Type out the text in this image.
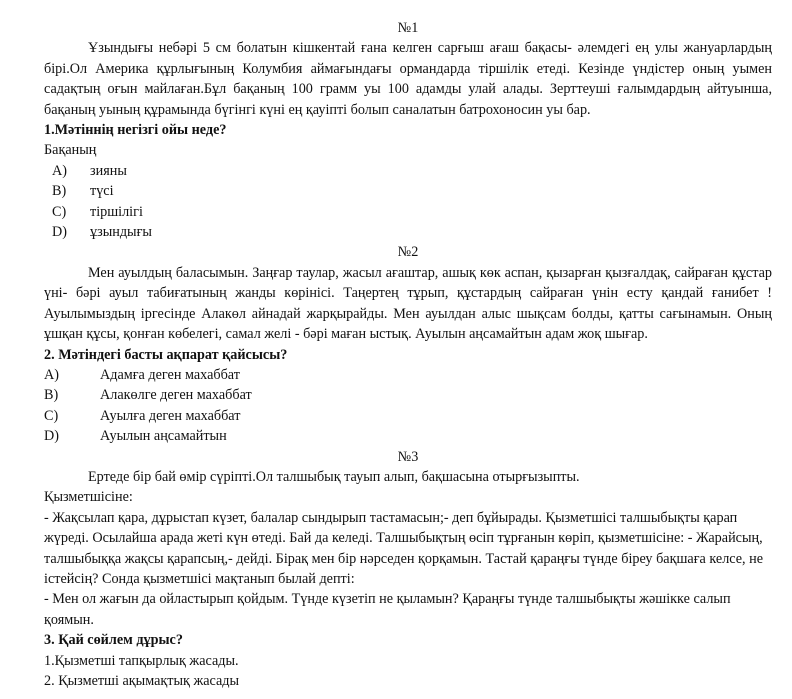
№1

Ұзындығы небәрі 5 см болатын кішкентай ғана келген сарғыш ағаш бақасы- әлемдегі ең улы жануарлардың бірі.Ол Америка құрлығының Колумбия аймағындағы ормандарда тіршілік етеді. Кезінде үндістер оның уымен садақтың оғын майлаған.Бұл бақаның 100 грамм уы 100 адамды улай алады. Зерттеуші ғалымдардың айтуынша, бақаның уының құрамында бүгінгі күні ең қауіпті болып саналатын батрохоносин уы бар.

1.Мәтіннің негізгі ойы неде?

Бақаның

A)	зияны

B)	түсі

C)	тіршілігі

D)	ұзындығы

№2

Мен ауылдың баласымын. Заңғар таулар, жасыл ағаштар, ашық көк аспан, қызарған қызғалдақ, сайраған құстар үні- бәрі ауыл табиғатының жанды көрінісі. Таңертең тұрып, құстардың сайраған үнін есту қандай ғанибет ! Ауылымыздың іргесінде Алакөл айнадай жарқырайды. Мен ауылдан алыс шықсам болды, қатты сағынамын. Оның ұшқан құсы, қонған көбелегі, самал желі - бәрі маған ыстық. Ауылын аңсамайтын адам жоқ шығар.

2. Мәтіндегі басты ақпарат қайсысы?

A)	Адамға деген махаббат

B)	Алакөлге деген махаббат

C)	Ауылға деген махаббат

D)	Ауылын аңсамайтын

№3

Ертеде бір бай өмір сүріпті.Ол талшыбық тауып алып, бақшасына отырғызыпты.

Қызметшісіне:

- Жақсылап қара, дұрыстап күзет, балалар сындырып тастамасын;- деп бұйырады. Қызметшісі талшыбықты қарап жүреді. Осылайша арада жеті күн өтеді. Бай да келеді. Талшыбықтың өсіп тұрғанын көріп, қызметшісіне: - Жарайсың, талшыбыққа жақсы қарапсың,- дейді. Бірақ мен бір нәрседен қорқамын. Тастай қараңғы түнде біреу бақшаға келсе, не істейсің? Сонда қызметшісі мақтанып былай депті:

- Мен ол жағын да ойластырып қойдым. Түнде күзетіп не қыламын? Қараңғы түнде талшыбықты жәшікке салып қоямын.

3. Қай сөйлем дұрыс?

1.Қызметші тапқырлық жасады.

2. Қызметші ақымақтық жасады
